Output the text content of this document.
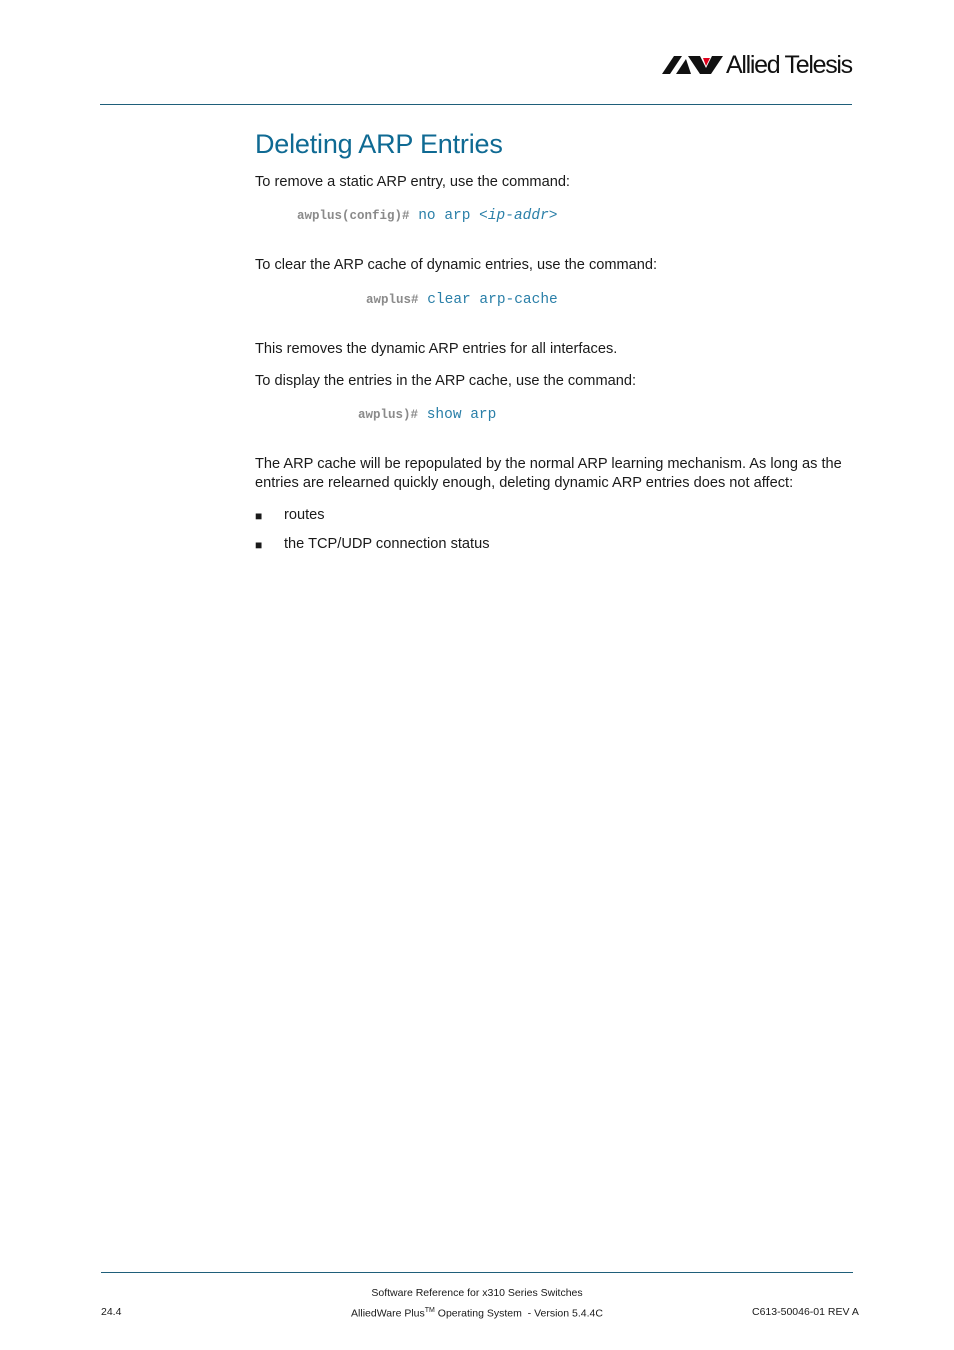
Allied Telesis
Deleting ARP Entries

To remove a static ARP entry, use the command:

awplus(config)# no arp <ip-addr>

To clear the ARP cache of dynamic entries, use the command:

awplus# clear arp-cache

This removes the dynamic ARP entries for all interfaces.

To display the entries in the ARP cache, use the command:

awplus)# show arp

The ARP cache will be repopulated by the normal ARP learning mechanism. As long as the entries are relearned quickly enough, deleting dynamic ARP entries does not affect:

■ routes
■ the TCP/UDP connection status
Software Reference for x310 Series Switches
AlliedWare Plus™ Operating System  - Version 5.4.4C
24.4	C613-50046-01 REV A
